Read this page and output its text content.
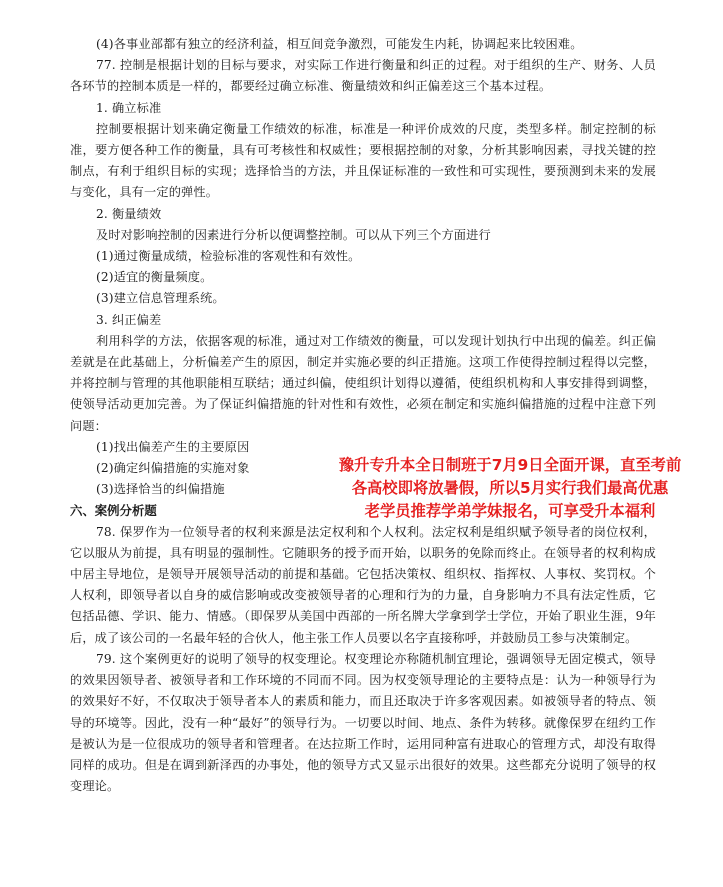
(4)各事业部都有独立的经济利益，相互间竞争激烈，可能发生内耗，协调起来比较困难。

77. 控制是根据计划的目标与要求，对实际工作进行衡量和纠正的过程。对于组织的生产、财务、人员各环节的控制本质是一样的，都要经过确立标准、衡量绩效和纠正偏差这三个基本过程。

1. 确立标准

控制要根据计划来确定衡量工作绩效的标准，标准是一种评价成效的尺度，类型多样。制定控制的标准，要方便各种工作的衡量，具有可考核性和权威性；要根据控制的对象，分析其影响因素，寻找关键的控制点，有利于组织目标的实现；选择恰当的方法，并且保证标准的一致性和可实现性，要预测到未来的发展与变化，具有一定的弹性。

2. 衡量绩效

及时对影响控制的因素进行分析以便调整控制。可以从下列三个方面进行

(1)通过衡量成绩，检验标准的客观性和有效性。

(2)适宜的衡量频度。

(3)建立信息管理系统。

3. 纠正偏差

利用科学的方法，依据客观的标准，通过对工作绩效的衡量，可以发现计划执行中出现的偏差。纠正偏差就是在此基础上，分析偏差产生的原因，制定并实施必要的纠正措施。这项工作使得控制过程得以完整，并将控制与管理的其他职能相互联结；通过纠偏，使组织计划得以遵循，使组织机构和人事安排得到调整，使领导活动更加完善。为了保证纠偏措施的针对性和有效性，必须在制定和实施纠偏措施的过程中注意下列问题：

(1)找出偏差产生的主要原因

(2)确定纠偏措施的实施对象

(3)选择恰当的纠偏措施

六、案例分析题

78. 保罗作为一位领导者的权利来源是法定权利和个人权利。法定权利是组织赋予领导者的岗位权利，它以服从为前提，具有明显的强制性。它随职务的授予而开始，以职务的免除而终止。在领导者的权利构成中居主导地位，是领导开展领导活动的前提和基础。它包括决策权、组织权、指挥权、人事权、奖罚权。个人权利，即领导者以自身的威信影响或改变被领导者的心理和行为的力量，自身影响力不具有法定性质，它包括品德、学识、能力、情感。（即保罗从美国中西部的一所名牌大学拿到学士学位，开始了职业生涯，9年后，成了该公司的一名最年轻的合伙人，他主张工作人员要以名字直接称呼，并鼓励员工参与决策制定。

79. 这个案例更好的说明了领导的权变理论。权变理论亦称随机制宜理论，强调领导无固定模式，领导的效果因领导者、被领导者和工作环境的不同而不同。因为权变领导理论的主要特点是：认为一种领导行为的效果好不好，不仅取决于领导者本人的素质和能力，而且还取决于许多客观因素。如被领导者的特点、领导的环境等。因此，没有一种“最好”的领导行为。一切要以时间、地点、条件为转移。就像保罗在纽约工作是被认为是一位很成功的领导者和管理者。在达拉斯工作时，运用同种富有进取心的管理方式，却没有取得同样的成功。但是在调到新泽西的办事处，他的领导方式又显示出很好的效果。这些都充分说明了领导的权变理论。

豫升专升本全日制班于7月9日全面开课，直至考前
各高校即将放暑假，所以5月实行我们最高优惠
老学员推荐学弟学妹报名，可享受升本福利
